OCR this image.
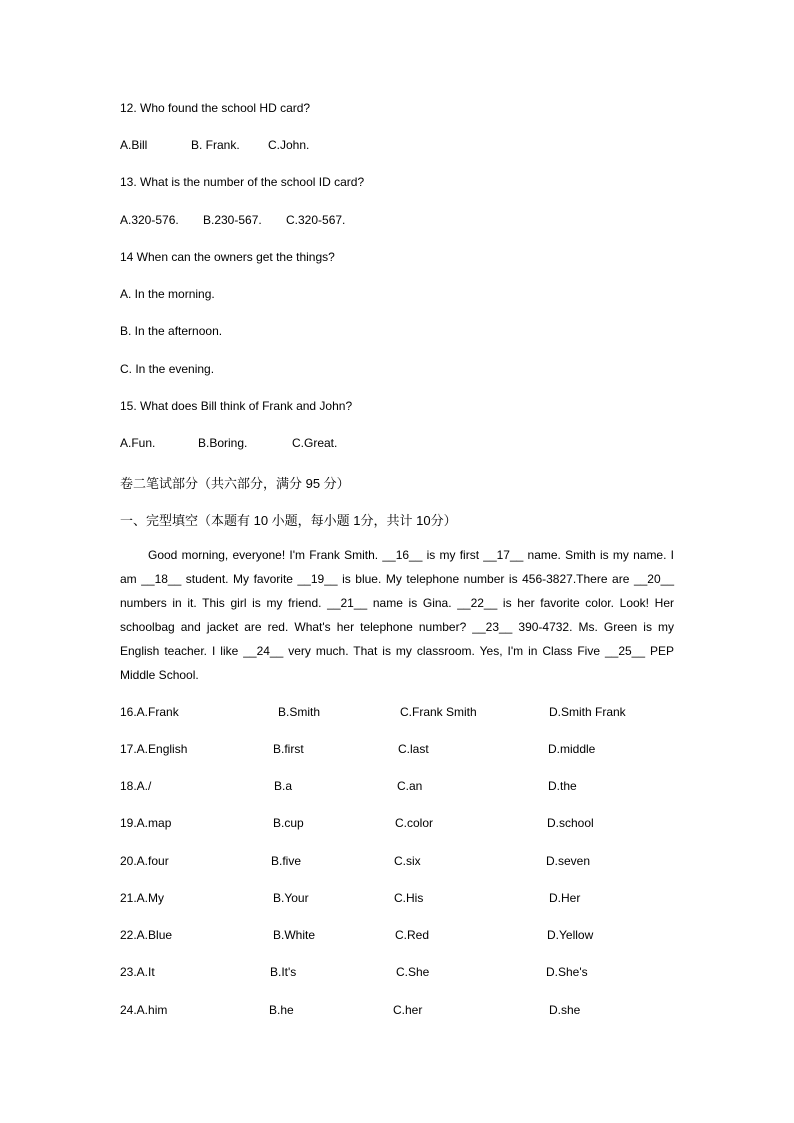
12. Who found the school HD card?
A.Bill	B. Frank. C.John.
13. What is the number of the school ID card?
A.320-576. B.230-567. C.320-567.
14 When can the owners get the things?
A. In the morning.
B. In the afternoon.
C. In the evening.
15. What does Bill think of Frank and John?
A.Fun.	B.Boring.	C.Great.
卷二笔试部分（共六部分，满分 95 分）
一、完型填空（本题有 10 小题，每小题 1分，共计 10分）
Good morning, everyone! I'm Frank Smith. __16__ is my first __17__ name. Smith is my name. I am __18__ student. My favorite __19__ is blue. My telephone number is 456-3827.There are __20__ numbers in it. This girl is my friend. __21__ name is Gina. __22__ is her favorite color. Look! Her schoolbag and jacket are red. What's her telephone number? __23__ 390-4732. Ms. Green is my English teacher. I like __24__ very much. That is my classroom. Yes, I'm in Class Five __25__ PEP Middle School.
16.A.Frank	B.Smith	C.Frank Smith	D.Smith Frank
17.A.English	B.first	C.last	D.middle
18.A./	B.a	C.an	D.the
19.A.map	B.cup	C.color	D.school
20.A.four	B.five	C.six	D.seven
21.A.My	B.Your	C.His	D.Her
22.A.Blue	B.White	C.Red	D.Yellow
23.A.It	B.It's	C.She	D.She's
24.A.him	B.he	C.her	D.she
